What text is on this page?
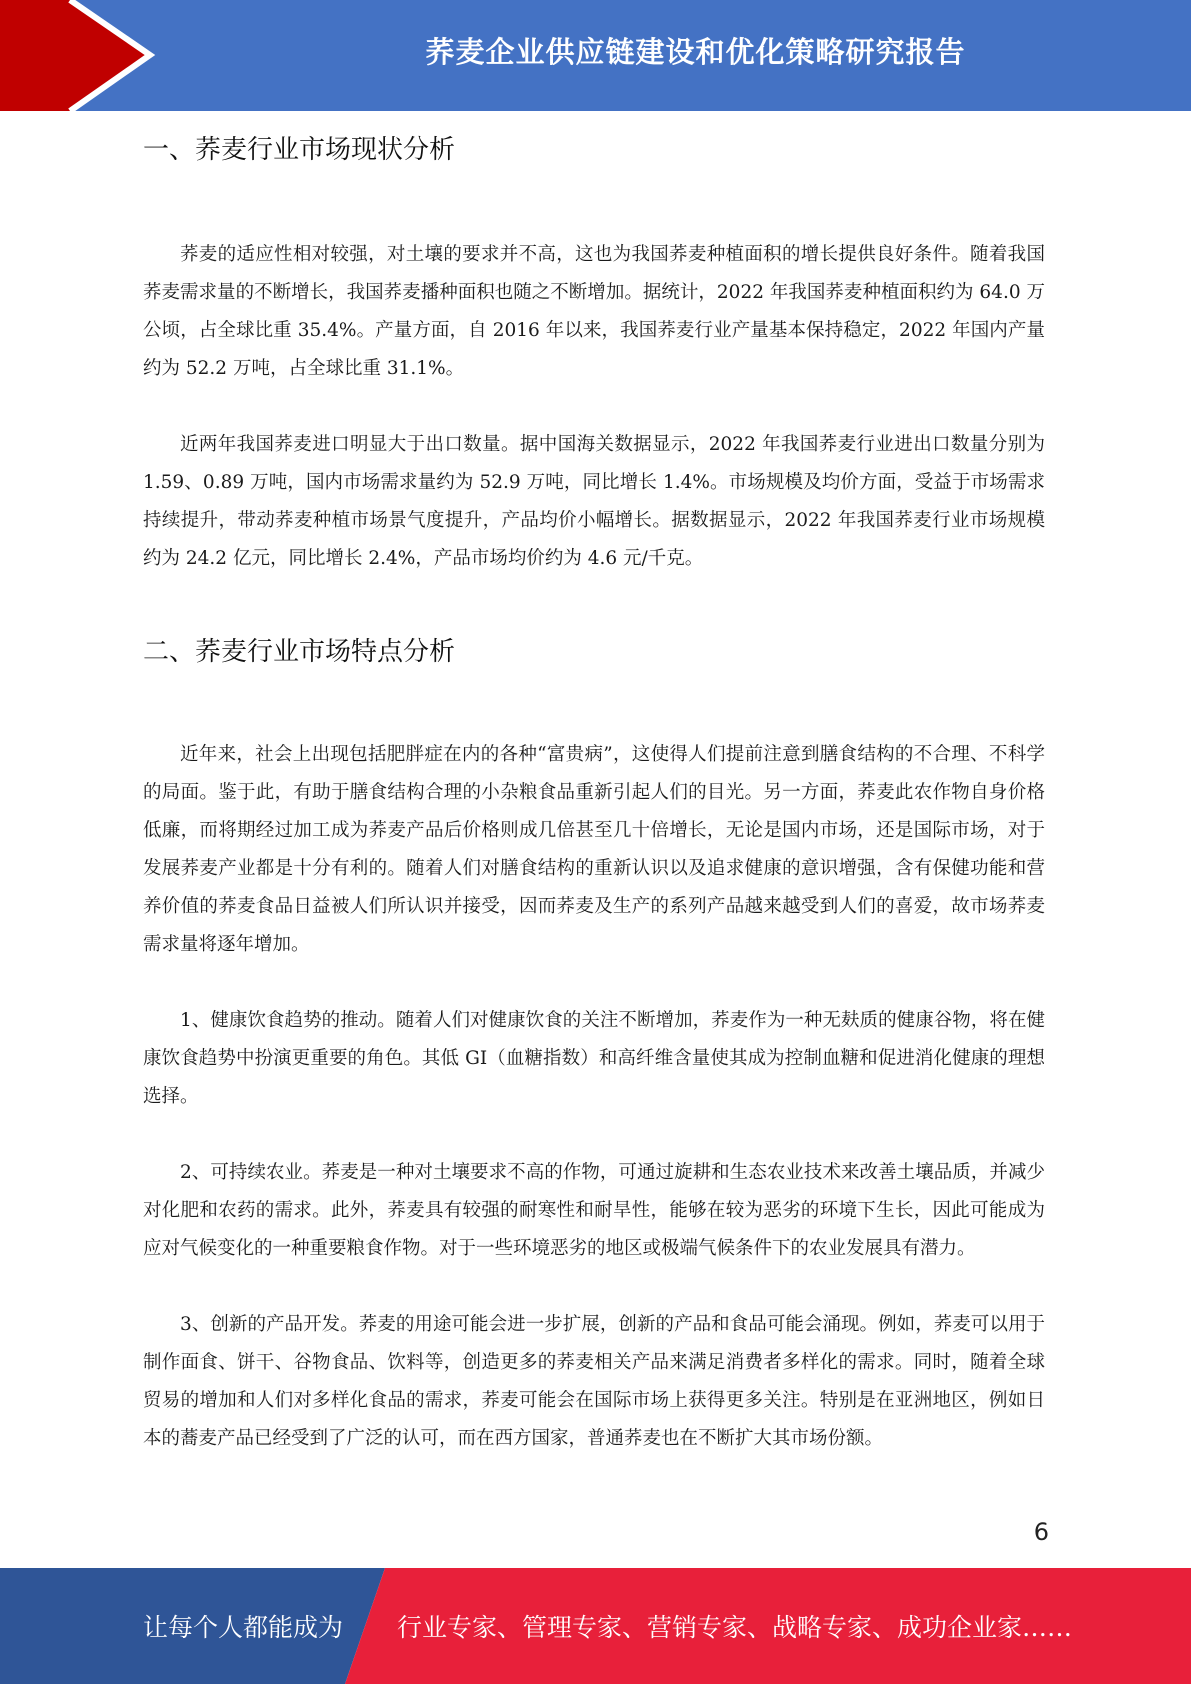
荞麦企业供应链建设和优化策略研究报告
一、荞麦行业市场现状分析

荞麦的适应性相对较强，对土壤的要求并不高，这也为我国荞麦种植面积的增长提供良好条件。随着我国荞麦需求量的不断增长，我国荞麦播种面积也随之不断增加。据统计，2022 年我国荞麦种植面积约为 64.0 万公顷，占全球比重 35.4%。产量方面，自 2016 年以来，我国荞麦行业产量基本保持稳定，2022 年国内产量约为 52.2 万吨，占全球比重 31.1%。

近两年我国荞麦进口明显大于出口数量。据中国海关数据显示，2022 年我国荞麦行业进出口数量分别为 1.59、0.89 万吨，国内市场需求量约为 52.9 万吨，同比增长 1.4%。市场规模及均价方面，受益于市场需求持续提升，带动荞麦种植市场景气度提升，产品均价小幅增长。据数据显示，2022 年我国荞麦行业市场规模约为 24.2 亿元，同比增长 2.4%，产品市场均价约为 4.6 元/千克。

二、荞麦行业市场特点分析

近年来，社会上出现包括肥胖症在内的各种“富贵病”，这使得人们提前注意到膳食结构的不合理、不科学的局面。鉴于此，有助于膳食结构合理的小杂粮食品重新引起人们的目光。另一方面，荞麦此农作物自身价格低廉，而将期经过加工成为荞麦产品后价格则成几倍甚至几十倍增长，无论是国内市场，还是国际市场，对于发展荞麦产业都是十分有利的。随着人们对膳食结构的重新认识以及追求健康的意识增强，含有保健功能和营养价值的荞麦食品日益被人们所认识并接受，因而荞麦及生产的系列产品越来越受到人们的喜爱，故市场荞麦需求量将逐年增加。

1、健康饮食趋势的推动。随着人们对健康饮食的关注不断增加，荞麦作为一种无麸质的健康谷物，将在健康饮食趋势中扮演更重要的角色。其低 GI（血糖指数）和高纤维含量使其成为控制血糖和促进消化健康的理想选择。

2、可持续农业。荞麦是一种对土壤要求不高的作物，可通过旋耕和生态农业技术来改善土壤品质，并减少对化肥和农药的需求。此外，荞麦具有较强的耐寒性和耐旱性，能够在较为恶劣的环境下生长，因此可能成为应对气候变化的一种重要粮食作物。对于一些环境恶劣的地区或极端气候条件下的农业发展具有潜力。

3、创新的产品开发。荞麦的用途可能会进一步扩展，创新的产品和食品可能会涌现。例如，荞麦可以用于制作面食、饼干、谷物食品、饮料等，创造更多的荞麦相关产品来满足消费者多样化的需求。同时，随着全球贸易的增加和人们对多样化食品的需求，荞麦可能会在国际市场上获得更多关注。特别是在亚洲地区，例如日本的蕎麦产品已经受到了广泛的认可，而在西方国家，普通荞麦也在不断扩大其市场份额。

6
让每个人都能成为 行业专家、管理专家、营销专家、战略专家、成功企业家……
